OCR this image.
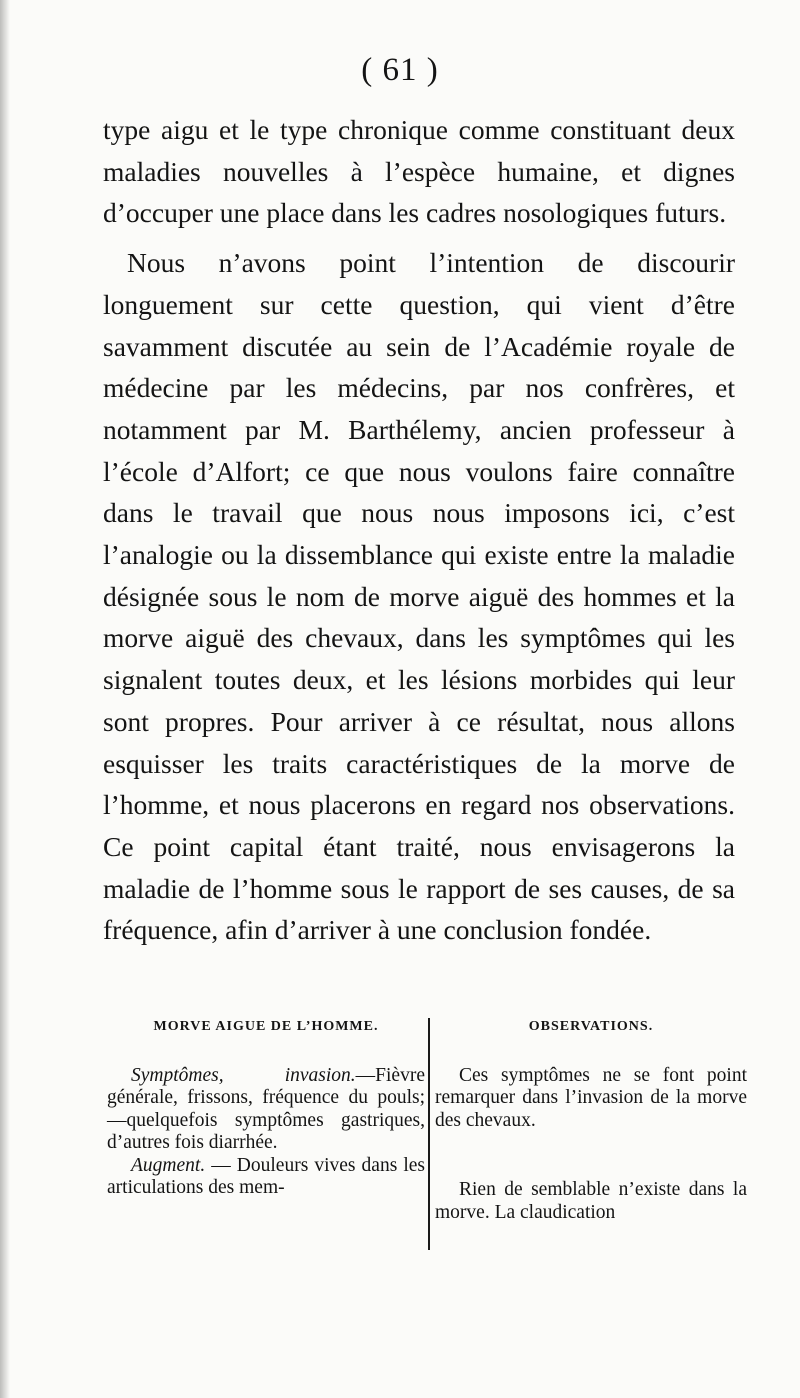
( 61 )

type aigu et le type chronique comme constituant deux maladies nouvelles à l’espèce humaine, et dignes d’occuper une place dans les cadres nosologiques futurs.

Nous n’avons point l’intention de discourir longuement sur cette question, qui vient d’être savamment discutée au sein de l’Académie royale de médecine par les médecins, par nos confrères, et notamment par M. Barthélemy, ancien professeur à l’école d’Alfort; ce que nous voulons faire connaître dans le travail que nous nous imposons ici, c’est l’analogie ou la dissemblance qui existe entre la maladie désignée sous le nom de morve aiguë des hommes et la morve aiguë des chevaux, dans les symptômes qui les signalent toutes deux, et les lésions morbides qui leur sont propres. Pour arriver à ce résultat, nous allons esquisser les traits caractéristiques de la morve de l’homme, et nous placerons en regard nos observations. Ce point capital étant traité, nous envisagerons la maladie de l’homme sous le rapport de ses causes, de sa fréquence, afin d’arriver à une conclusion fondée.

MORVE AIGUE DE L’HOMME.

Symptômes, invasion.—Fièvre générale, frissons, fréquence du pouls; —quelquefois symptômes gastriques, d’autres fois diarrhée.

Augment. — Douleurs vives dans les articulations des mem-

OBSERVATIONS.

Ces symptômes ne se font point remarquer dans l’invasion de la morve des chevaux.

Rien de semblable n’existe dans la morve. La claudication
